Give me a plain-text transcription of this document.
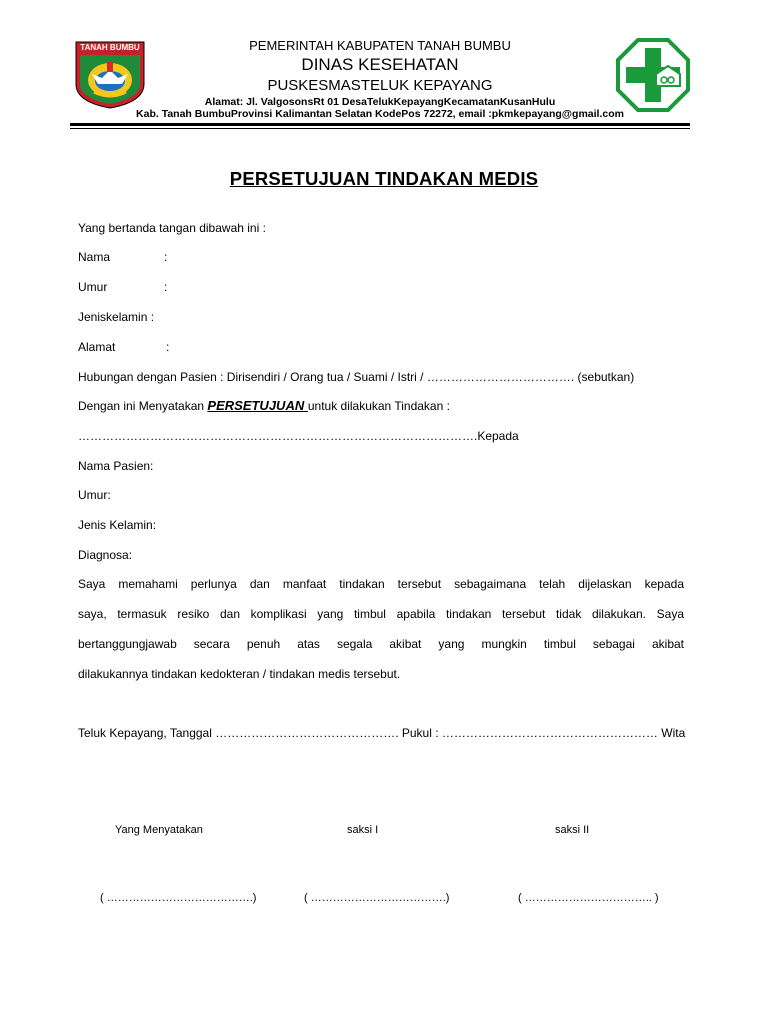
TANAH BUMBU	PEMERINTAH KABUPATEN TANAH BUMBU
DINAS KESEHATAN
PUSKESMASTELUK KEPAYANG
Alamat: Jl. ValgosonsRt 01 DesaTelukKepayangKecamatanKusanHulu
Kab. Tanah BumbuProvinsi Kalimantan Selatan KodePos 72272, email :pkmkepayang@gmail.com
PERSETUJUAN TINDAKAN MEDIS
Yang bertanda tangan dibawah ini :
Nama	:
Umur	:
Jeniskelamin :
Alamat	:
Hubungan dengan Pasien : Dirisendiri / Orang tua / Suami / Istri / ………………………………. (sebutkan)
Dengan ini Menyatakan PERSETUJUAN untuk dilakukan Tindakan :
……………………………………………………………………………………….Kepada
Nama Pasien:
Umur:
Jenis Kelamin:
Diagnosa:
Saya memahami perlunya dan manfaat tindakan tersebut sebagaimana telah dijelaskan kepada
saya, termasuk resiko dan komplikasi yang timbul apabila tindakan tersebut tidak dilakukan. Saya
bertanggungjawab secara penuh atas segala akibat yang mungkin timbul sebagai akibat
dilakukannya tindakan kedokteran / tindakan medis tersebut.
Teluk Kepayang, Tanggal ………………………………………. Pukul : ……………………………………………… Wita
Yang Menyatakan	saksi I	saksi II
( ………………………………….)	( ……………………………….)	( …………………………….. )
